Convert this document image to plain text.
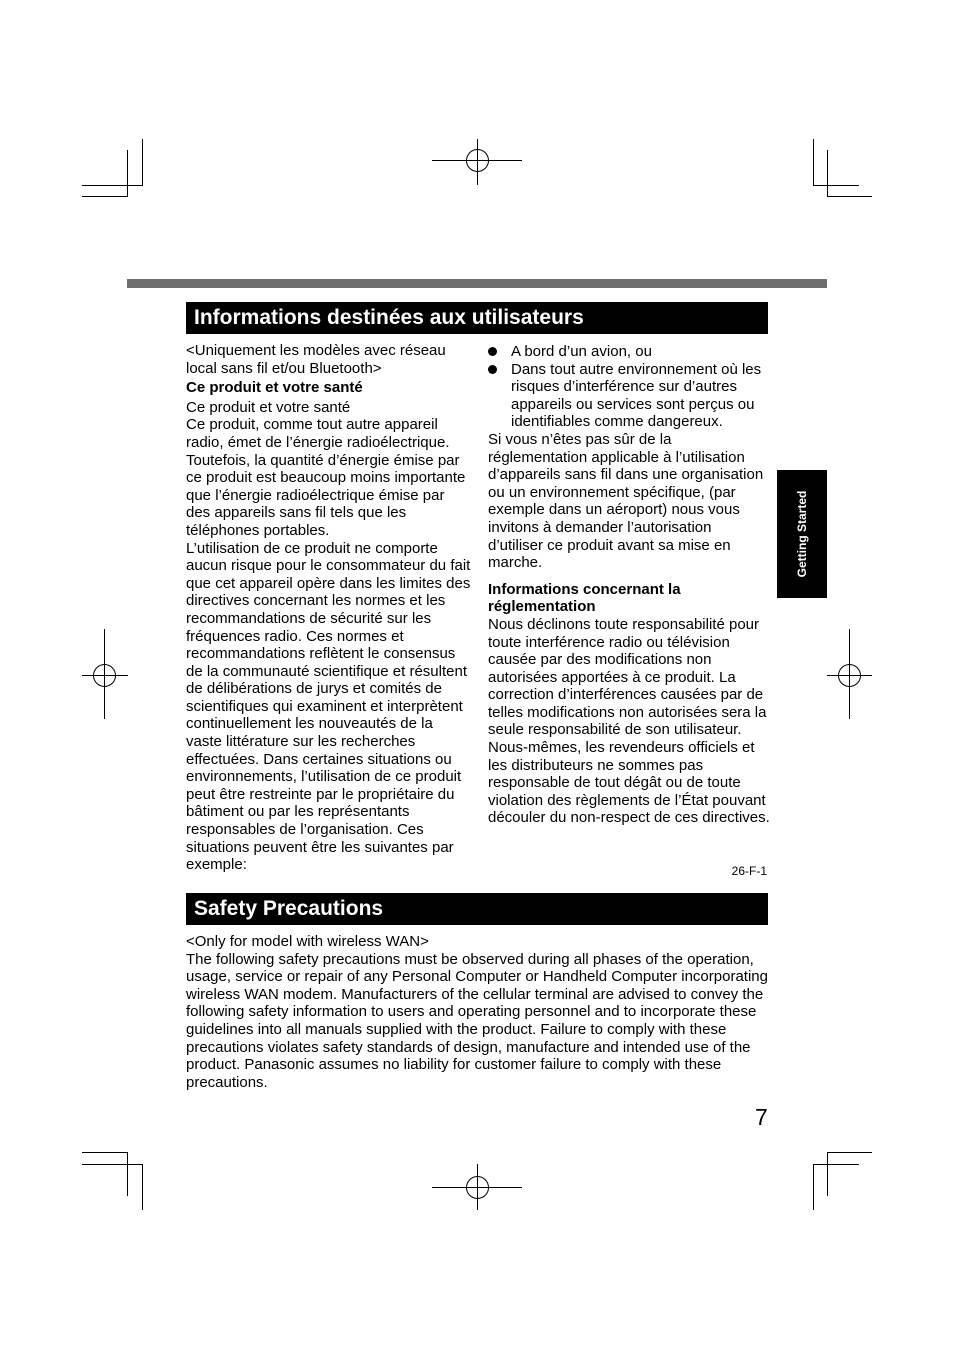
Informations destinées aux utilisateurs

<Uniquement les modèles avec réseau

local sans fil et/ou Bluetooth>

Ce produit et votre santé

Ce produit et votre santé

Ce produit, comme tout autre appareil radio, émet de l’énergie radioélectrique. Toutefois, la quantité d’énergie émise par ce produit est beaucoup moins importante que l’énergie radioélectrique émise par des appareils sans fil tels que les téléphones portables.

L’utilisation de ce produit ne comporte aucun risque pour le consommateur du fait que cet appareil opère dans les limites des directives concernant les normes et les recommandations de sécurité sur les fréquences radio. Ces normes et recommandations reflètent le consensus de la communauté scientifique et résultent de délibérations de jurys et comités de scientifiques qui examinent et interprètent continuellement les nouveautés de la vaste littérature sur les recherches effectuées. Dans certaines situations ou environnements, l’utilisation de ce produit peut être restreinte par le propriétaire du bâtiment ou par les représentants responsables de l’organisation. Ces situations peuvent être les suivantes par exemple:

A bord d’un avion, ou
Dans tout autre environnement où les risques d’interférence sur d’autres appareils ou services sont perçus ou identifiables comme dangereux.

Si vous n’êtes pas sûr de la réglementation applicable à l’utilisation d’appareils sans fil dans une organisation ou un environnement spécifique, (par exemple dans un aéroport) nous vous invitons à demander l’autorisation d’utiliser ce produit avant sa mise en marche.

Informations concernant la
réglementation

Nous déclinons toute responsabilité pour toute interférence radio ou télévision causée par des modifications non autorisées apportées à ce produit. La correction d’interférences causées par de telles modifications non autorisées sera la seule responsabilité de son utilisateur. Nous-mêmes, les revendeurs officiels et les distributeurs ne sommes pas responsable de tout dégât ou de toute violation des règlements de l’État pouvant découler du non-respect de ces directives.

26-F-1
Getting Started
Safety Precautions

<Only for model with wireless WAN>

The following safety precautions must be observed during all phases of the operation, usage, service or repair of any Personal Computer or Handheld Computer incorporating wireless WAN modem. Manufacturers of the cellular terminal are advised to convey the following safety information to users and operating personnel and to incorporate these guidelines into all manuals supplied with the product. Failure to comply with these precautions violates safety standards of design, manufacture and intended use of the product. Panasonic assumes no liability for customer failure to comply with these precautions.

7
